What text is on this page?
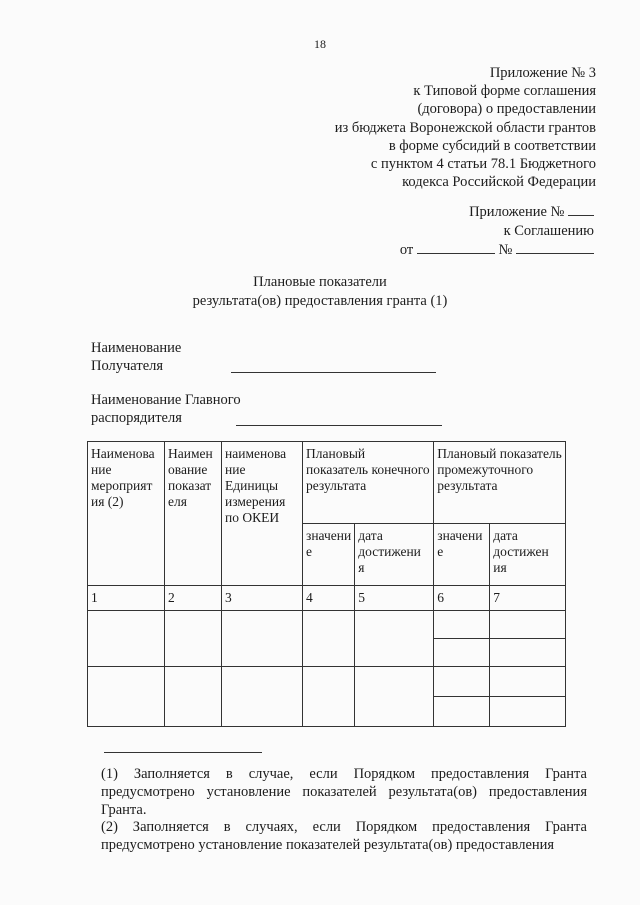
18
Приложение № 3
к Типовой форме соглашения
(договора) о предоставлении
из бюджета Воронежской области грантов
в форме субсидий в соответствии
с пунктом 4 статьи 78.1 Бюджетного
кодекса Российской Федерации
Приложение №
к Соглашению
от	№
Плановые показатели
результата(ов) предоставления гранта (1)
Наименование
Получателя
Наименование Главного
распорядителя
Наименова ние мероприят ия (2)	Наимен ование показат еля	наименова ние Единицы измерения по ОКЕИ	Плановый показатель конечного результата		Плановый показатель промежуточного результата	
			значени е	дата достижени я	значени е	дата достижен ия
1	2	3	4	5	6	7

(1) Заполняется в случае, если Порядком предоставления Гранта предусмотрено установление показателей результата(ов) предоставления Гранта.
(2) Заполняется в случаях, если Порядком предоставления Гранта предусмотрено установление показателей результата(ов) предоставления
